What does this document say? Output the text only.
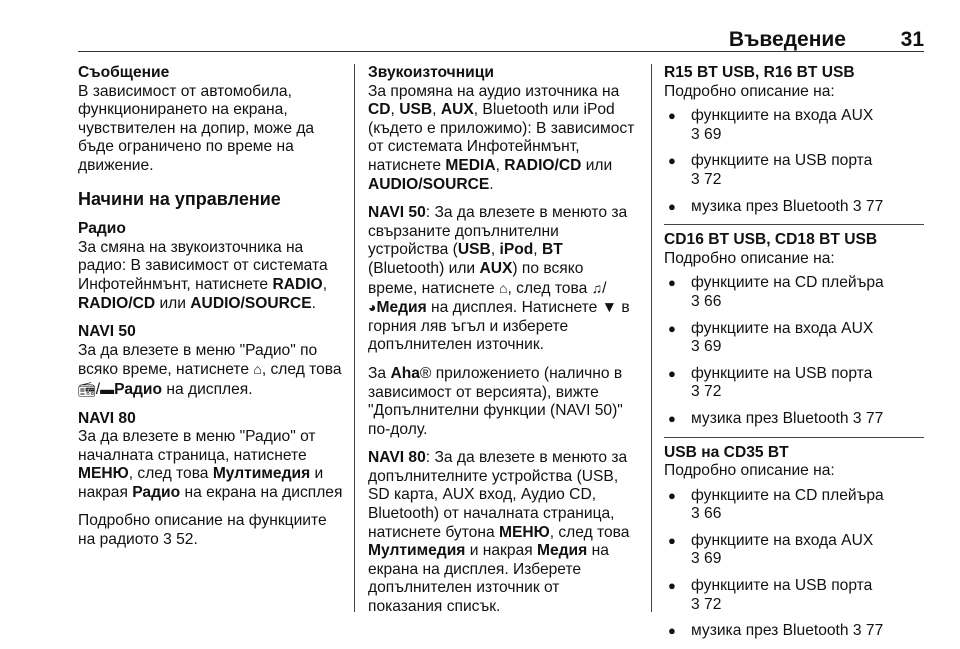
Въведение	31
Съобщение
В зависимост от автомобила, функционирането на екрана, чувствителен на допир, може да бъде ограничено по време на движение.
Начини на управление
Радио

За смяна на звукоизточника на радио: В зависимост от системата Инфотейнмънт, натиснете RADIO, RADIO/CD или AUDIO/SOURCE.

NAVI 50

За да влезете в меню "Радио" по всяко време, натиснете ⌂, след това 📻︎/▬Радио на дисплея.

NAVI 80

За да влезете в меню "Радио" от началната страница, натиснете МЕНЮ, след това Мултимедия и накрая Радио на екрана на дисплея

Подробно описание на функциите на радиото 3 52.

Звукоизточници

За промяна на аудио източника на CD, USB, AUX, Bluetooth или iPod (където е приложимо): В зависимост от системата Инфотейнмънт, натиснете MEDIA, RADIO/CD или AUDIO/SOURCE.

NAVI 50: За да влезете в менюто за свързаните допълнителни устройства (USB, iPod, BT (Bluetooth) или AUX) по всяко време, натиснете ⌂, след това ♫/
◕Медия на дисплея. Натиснете ▼ в горния ляв ъгъл и изберете допълнителен източник.

За Aha® приложението (налично в зависимост от версията), вижте "Допълнителни функции (NAVI 50)" по-долу.

NAVI 80: За да влезете в менюто за допълнителните устройства (USB, SD карта, AUX вход, Аудио CD, Bluetooth) от началната страница, натиснете бутона МЕНЮ, след това Мултимедия и накрая Медия на екрана на дисплея. Изберете допълнителен източник от показания списък.

R15 BT USB, R16 BT USB
Подробно описание на:
● функциите на входа AUX
3 69
● функциите на USB порта
3 72
● музика през Bluetooth 3 77
CD16 BT USB, CD18 BT USB
Подробно описание на:
● функциите на CD плейъра
3 66
● функциите на входа AUX
3 69
● функциите на USB порта
3 72
● музика през Bluetooth 3 77
USB на CD35 BT
Подробно описание на:
● функциите на CD плейъра
3 66
● функциите на входа AUX
3 69
● функциите на USB порта
3 72
● музика през Bluetooth 3 77
